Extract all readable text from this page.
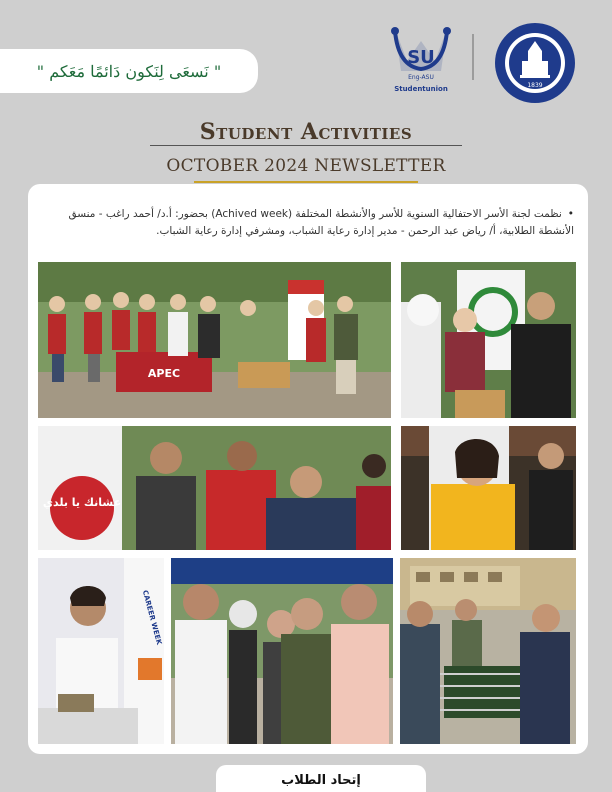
" نَسعَى لِنَكون دَائمًا مَعَكم "
SU
Eng-ASU
Studentunion	1839
Student Activities
OCTOBER 2024 NEWSLETTER
•نظمت لجنة الأسر الاحتفالية السنوية للأسر والأنشطة المختلفة (Achived week) بحضور: أ.د/ أحمد راغب - منسق الأنشطة الطلابية، أ/ رياض عبد الرحمن - مدير إدارة رعاية الشباب، ومشرفي إدارة رعاية الشباب.
APEC
عشانك يا بلدي
CAREER WEEK
إتحاد الطلاب
